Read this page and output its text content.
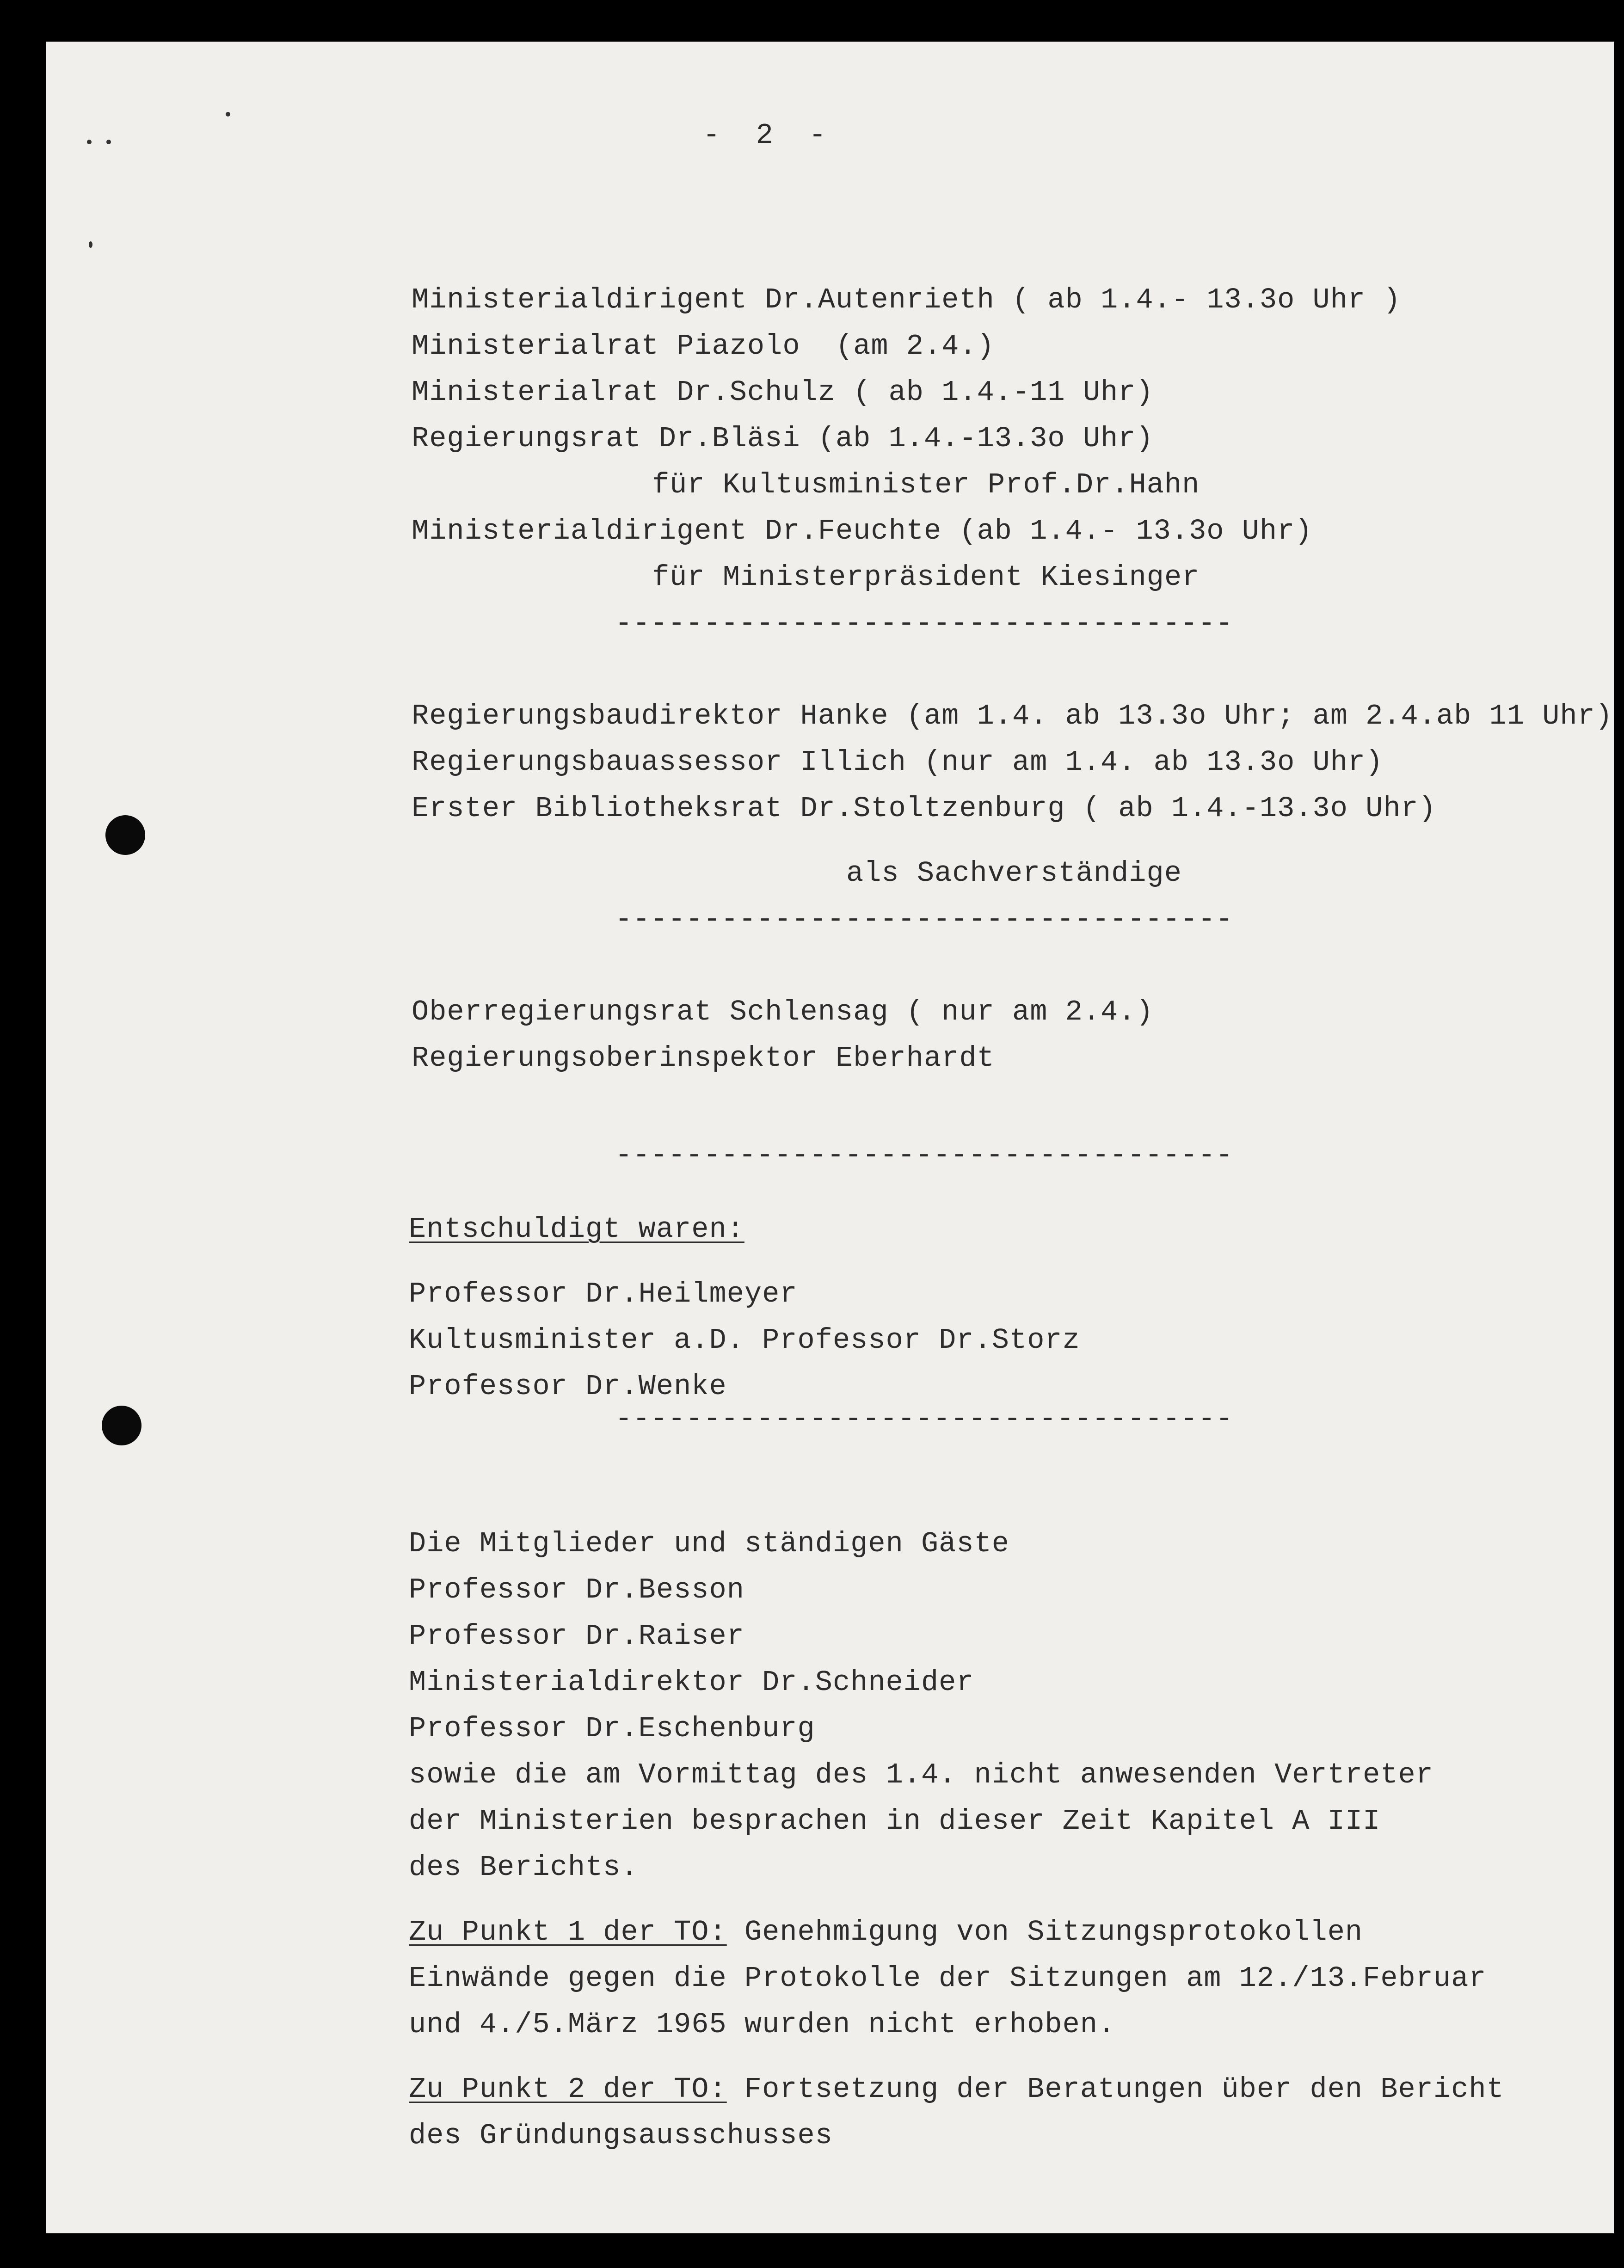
-  2  -
Ministerialdirigent Dr.Autenrieth ( ab 1.4.- 13.3o Uhr )
Ministerialrat Piazolo  (am 2.4.)
Ministerialrat Dr.Schulz ( ab 1.4.-11 Uhr)
Regierungsrat Dr.Bläsi (ab 1.4.-13.3o Uhr)
für Kultusminister Prof.Dr.Hahn
Ministerialdirigent Dr.Feuchte (ab 1.4.- 13.3o Uhr)
für Ministerpräsident Kiesinger
-----------------------------------
Regierungsbaudirektor Hanke (am 1.4. ab 13.3o Uhr; am 2.4.ab 11 Uhr)
Regierungsbauassessor Illich (nur am 1.4. ab 13.3o Uhr)
Erster Bibliotheksrat Dr.Stoltzenburg ( ab 1.4.-13.3o Uhr)
als Sachverständige
-----------------------------------
Oberregierungsrat Schlensag ( nur am 2.4.)
Regierungsoberinspektor Eberhardt
-----------------------------------
Entschuldigt waren:
Professor Dr.Heilmeyer
Kultusminister a.D. Professor Dr.Storz
Professor Dr.Wenke
-----------------------------------
Die Mitglieder und ständigen Gäste
Professor Dr.Besson
Professor Dr.Raiser
Ministerialdirektor Dr.Schneider
Professor Dr.Eschenburg
sowie die am Vormittag des 1.4. nicht anwesenden Vertreter
der Ministerien besprachen in dieser Zeit Kapitel A III
des Berichts.
Zu Punkt 1 der TO: Genehmigung von Sitzungsprotokollen
Einwände gegen die Protokolle der Sitzungen am 12./13.Februar
und 4./5.März 1965 wurden nicht erhoben.
Zu Punkt 2 der TO: Fortsetzung der Beratungen über den Bericht
des Gründungsausschusses
